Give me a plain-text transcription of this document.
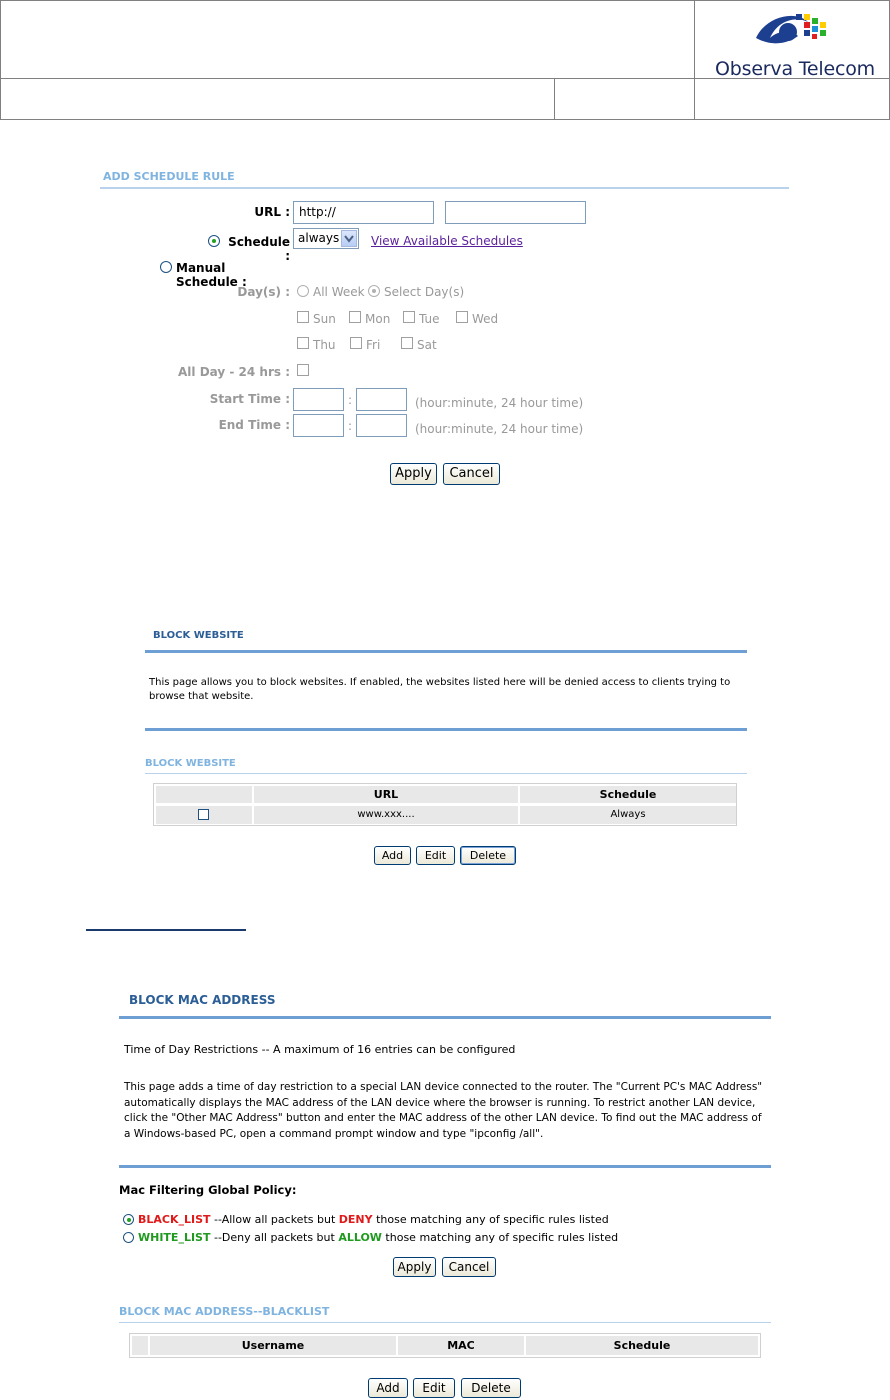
Observa Telecom
ADD SCHEDULE RULE
URL : http://
Schedule :
always	View Available Schedules
Manual Schedule :
Day(s) : All Week Select Day(s)
Sun Mon Tue	Wed
Thu	Fri	Sat
All Day - 24 hrs :
Start Time :	:	(hour:minute, 24 hour time)
End Time :	:	(hour:minute, 24 hour time)
Apply	Cancel
BLOCK WEBSITE
This page allows you to block websites. If enabled, the websites listed here will be denied access to clients trying to browse that website.
BLOCK WEBSITE
URL	Schedule
www.xxx....	Always
Add	Edit	Delete
BLOCK MAC ADDRESS
Time of Day Restrictions -- A maximum of 16 entries can be configured
This page adds a time of day restriction to a special LAN device connected to the router. The "Current PC's MAC Address" automatically displays the MAC address of the LAN device where the browser is running. To restrict another LAN device, click the "Other MAC Address" button and enter the MAC address of the other LAN device. To find out the MAC address of a Windows-based PC, open a command prompt window and type "ipconfig /all".
Mac Filtering Global Policy:
BLACK_LIST --Allow all packets but DENY those matching any of specific rules listed
WHITE_LIST --Deny all packets but ALLOW those matching any of specific rules listed
Apply	Cancel
BLOCK MAC ADDRESS--BLACKLIST
Username	MAC	Schedule
Add	Edit	Delete
